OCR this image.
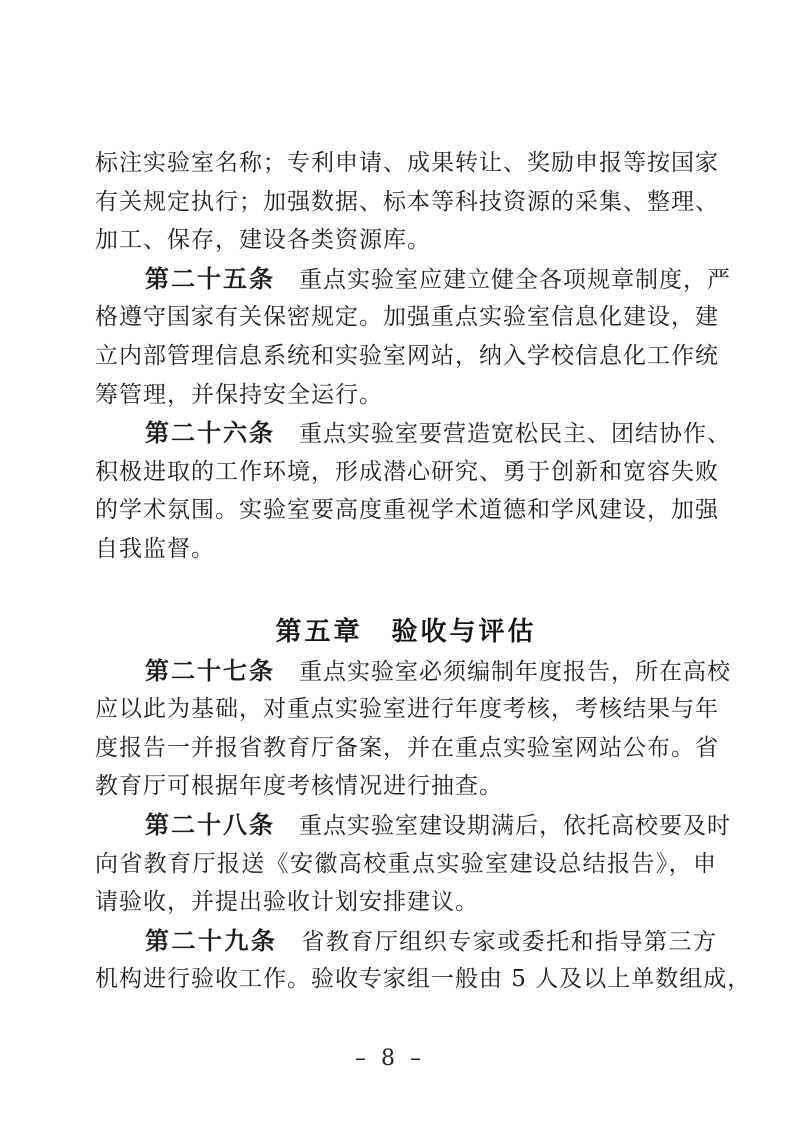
标注实验室名称；专利申请、成果转让、奖励申报等按国家
有关规定执行；加强数据、标本等科技资源的采集、整理、
加工、保存，建设各类资源库。
第二十五条 重点实验室应建立健全各项规章制度，严
格遵守国家有关保密规定。加强重点实验室信息化建设，建
立内部管理信息系统和实验室网站，纳入学校信息化工作统
筹管理，并保持安全运行。
第二十六条 重点实验室要营造宽松民主、团结协作、
积极进取的工作环境，形成潜心研究、勇于创新和宽容失败
的学术氛围。实验室要高度重视学术道德和学风建设，加强
自我监督。
第五章　验收与评估
第二十七条 重点实验室必须编制年度报告，所在高校
应以此为基础，对重点实验室进行年度考核，考核结果与年
度报告一并报省教育厅备案，并在重点实验室网站公布。省
教育厅可根据年度考核情况进行抽查。
第二十八条 重点实验室建设期满后，依托高校要及时
向省教育厅报送《安徽高校重点实验室建设总结报告》，申
请验收，并提出验收计划安排建议。
第二十九条 省教育厅组织专家或委托和指导第三方
机构进行验收工作。验收专家组一般由 5 人及以上单数组成，
– 8 –
